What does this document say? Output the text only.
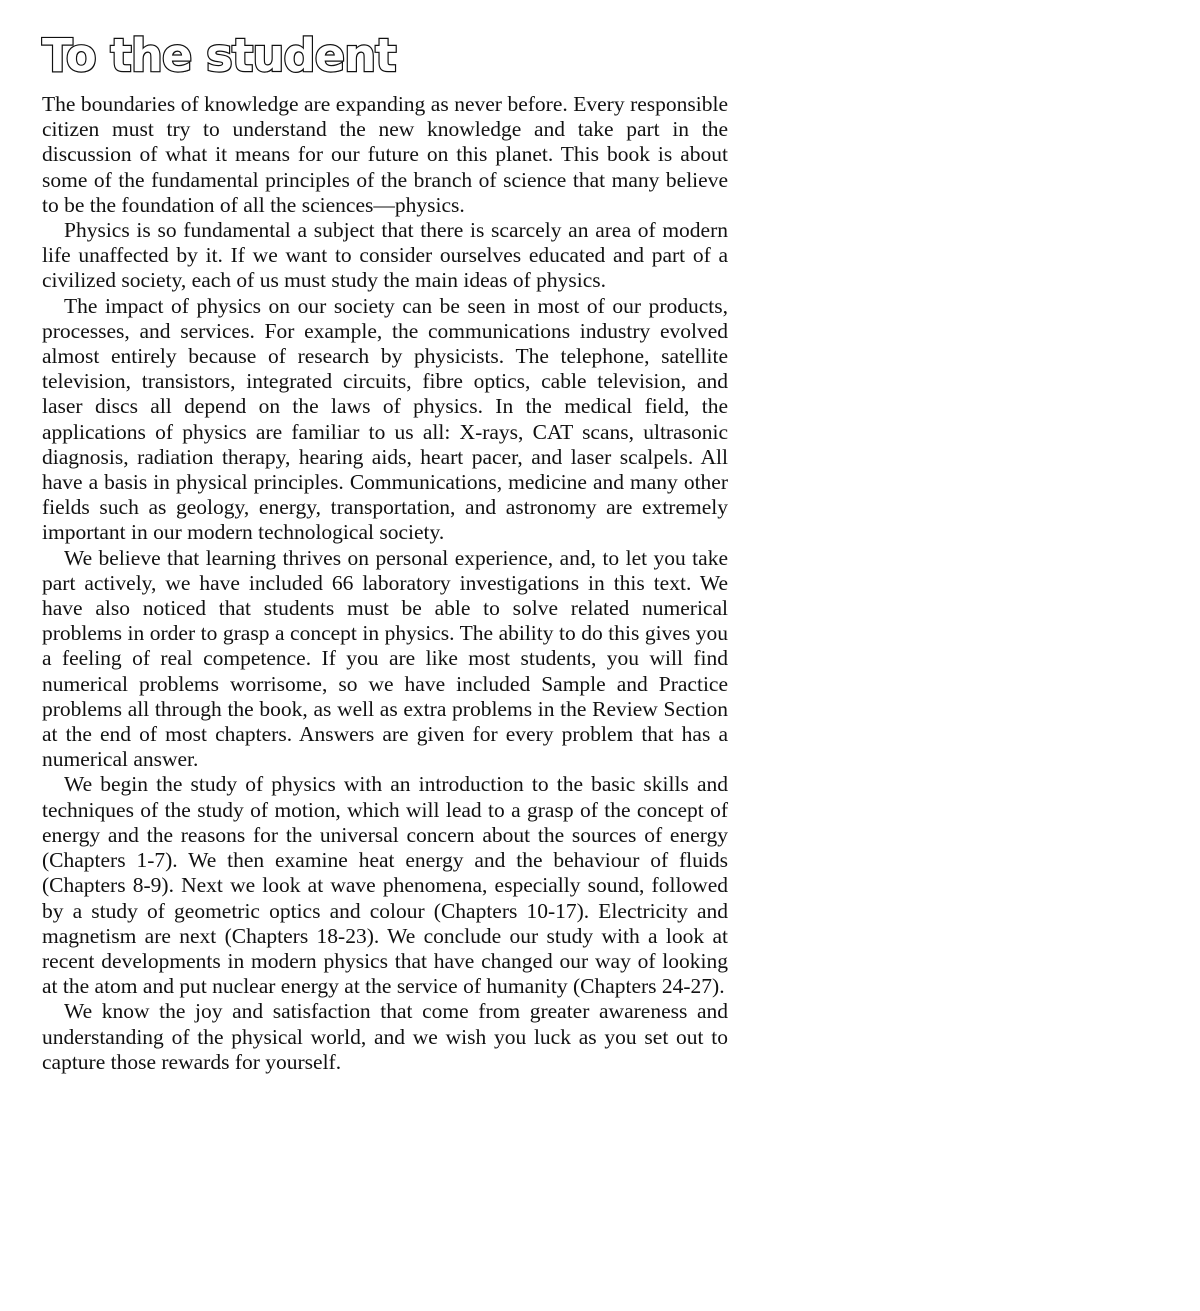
To the student

The boundaries of knowledge are expanding as never before. Every responsible citizen must try to understand the new knowledge and take part in the discussion of what it means for our future on this planet. This book is about some of the fundamental principles of the branch of science that many believe to be the foundation of all the sciences—physics.

Physics is so fundamental a subject that there is scarcely an area of modern life unaffected by it. If we want to consider ourselves educated and part of a civilized society, each of us must study the main ideas of physics.

The impact of physics on our society can be seen in most of our products, processes, and services. For example, the communications industry evolved almost entirely because of research by physicists. The telephone, satellite television, transistors, integrated circuits, fibre optics, cable television, and laser discs all depend on the laws of physics. In the medical field, the applications of physics are familiar to us all: X-rays, CAT scans, ultrasonic diagnosis, radiation therapy, hearing aids, heart pacer, and laser scalpels. All have a basis in physical principles. Communications, medicine and many other fields such as geology, energy, transportation, and astronomy are extremely important in our modern technological society.

We believe that learning thrives on personal experience, and, to let you take part actively, we have included 66 laboratory investigations in this text. We have also noticed that students must be able to solve related numerical problems in order to grasp a concept in physics. The ability to do this gives you a feeling of real competence. If you are like most students, you will find numerical problems worrisome, so we have included Sample and Practice problems all through the book, as well as extra problems in the Review Section at the end of most chapters. Answers are given for every problem that has a numerical answer.

We begin the study of physics with an introduction to the basic skills and techniques of the study of motion, which will lead to a grasp of the concept of energy and the reasons for the universal concern about the sources of energy (Chapters 1-7). We then examine heat energy and the behaviour of fluids (Chapters 8-9). Next we look at wave phenomena, especially sound, followed by a study of geometric optics and colour (Chapters 10-17). Electricity and magnetism are next (Chapters 18-23). We conclude our study with a look at recent developments in modern physics that have changed our way of looking at the atom and put nuclear energy at the service of humanity (Chapters 24-27).

We know the joy and satisfaction that come from greater awareness and understanding of the physical world, and we wish you luck as you set out to capture those rewards for yourself.
